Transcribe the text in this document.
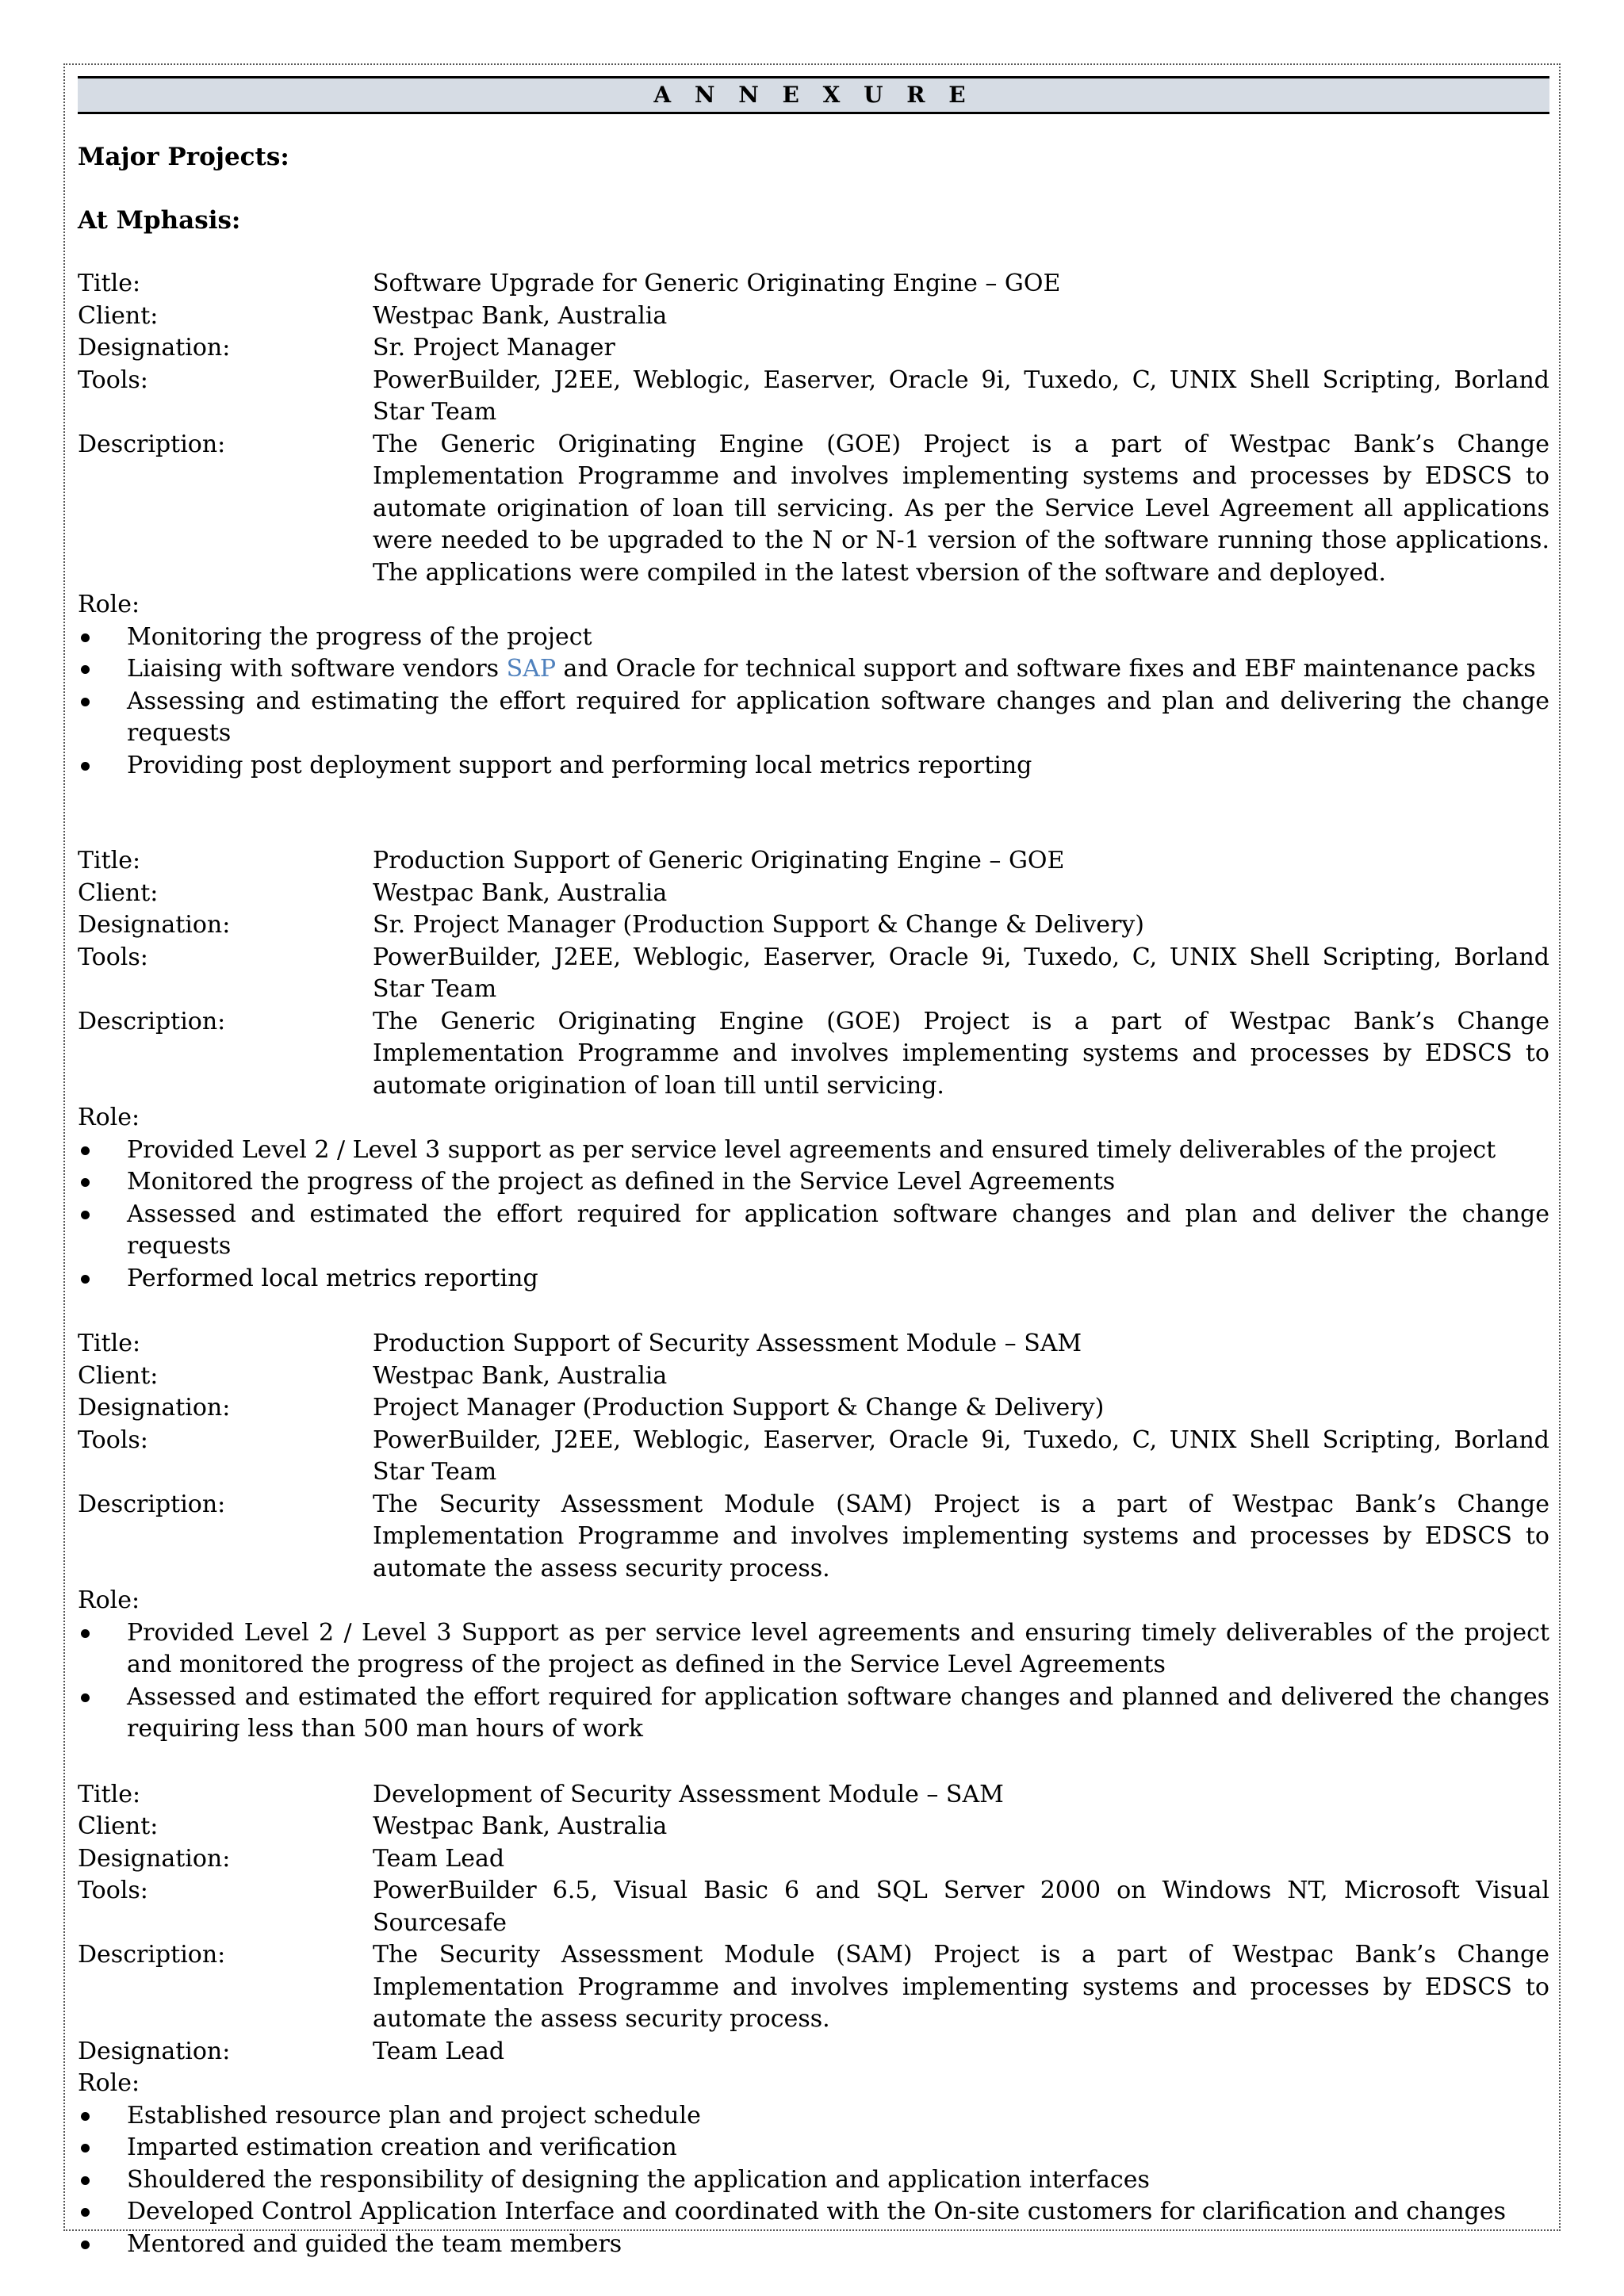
A N N E X U R E
Major Projects:
At Mphasis:
Title:	Software Upgrade for Generic Originating Engine – GOE
Client:	Westpac Bank, Australia
Designation:	Sr. Project Manager
Tools:	PowerBuilder, J2EE, Weblogic, Easerver, Oracle 9i, Tuxedo, C, UNIX Shell Scripting, Borland Star Team
Description:	The Generic Originating Engine (GOE) Project is a part of Westpac Bank’s Change Implementation Programme and involves implementing systems and processes by EDSCS to automate origination of loan till servicing. As per the Service Level Agreement all applications were needed to be upgraded to the N or N-1 version of the software running those applications. The applications were compiled in the latest vbersion of the software and deployed.
Role:
Monitoring the progress of the project
Liaising with software vendors SAP and Oracle for technical support and software fixes and EBF maintenance packs
Assessing and estimating the effort required for application software changes and plan and delivering the change requests
Providing post deployment support and performing local metrics reporting
Title:	Production Support of Generic Originating Engine – GOE
Client:	Westpac Bank, Australia
Designation:	Sr. Project Manager (Production Support & Change & Delivery)
Tools:	PowerBuilder, J2EE, Weblogic, Easerver, Oracle 9i, Tuxedo, C, UNIX Shell Scripting, Borland Star Team
Description:	The Generic Originating Engine (GOE) Project is a part of Westpac Bank’s Change Implementation Programme and involves implementing systems and processes by EDSCS to automate origination of loan till until servicing.
Role:
Provided Level 2 / Level 3 support as per service level agreements and ensured timely deliverables of the project
Monitored the progress of the project as defined in the Service Level Agreements
Assessed and estimated the effort required for application software changes and plan and deliver the change requests
Performed local metrics reporting
Title:	Production Support of Security Assessment Module – SAM
Client:	Westpac Bank, Australia
Designation:	Project Manager (Production Support & Change & Delivery)
Tools:	PowerBuilder, J2EE, Weblogic, Easerver, Oracle 9i, Tuxedo, C, UNIX Shell Scripting, Borland Star Team
Description:	The Security Assessment Module (SAM) Project is a part of Westpac Bank’s Change Implementation Programme and involves implementing systems and processes by EDSCS to automate the assess security process.
Role:
Provided Level 2 / Level 3 Support as per service level agreements and ensuring timely deliverables of the project and monitored the progress of the project as defined in the Service Level Agreements
Assessed and estimated the effort required for application software changes and planned and delivered the changes requiring less than 500 man hours of work
Title:	Development of Security Assessment Module – SAM
Client:	Westpac Bank, Australia
Designation:	Team Lead
Tools:	PowerBuilder 6.5, Visual Basic 6 and SQL Server 2000 on Windows NT, Microsoft Visual Sourcesafe
Description:	The Security Assessment Module (SAM) Project is a part of Westpac Bank’s Change Implementation Programme and involves implementing systems and processes by EDSCS to automate the assess security process.
Designation:	Team Lead
Role:
Established resource plan and project schedule
Imparted estimation creation and verification
Shouldered the responsibility of designing the application and application interfaces
Developed Control Application Interface and coordinated with the On-site customers for clarification and changes
Mentored and guided the team members
